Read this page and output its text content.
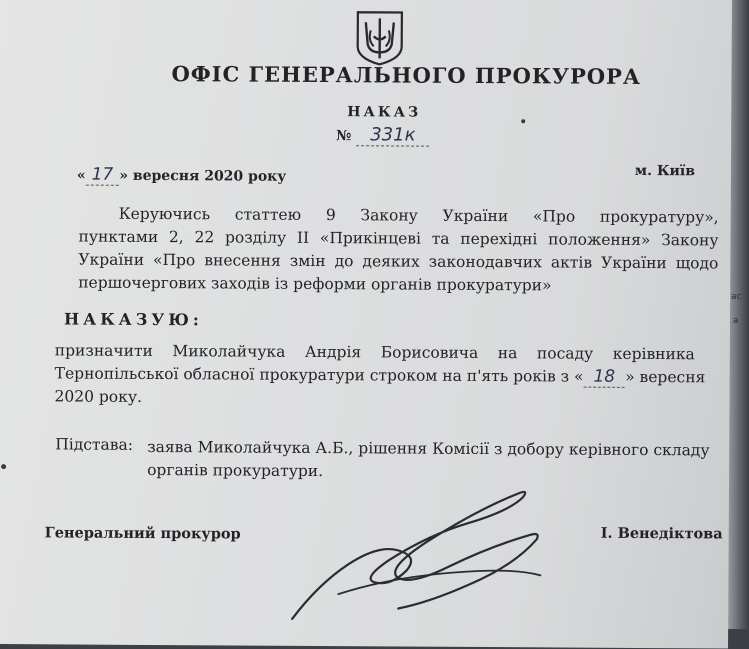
ac
а
ОФІС ГЕНЕРАЛЬНОГО ПРОКУРОРА
НАКАЗ
№ 331к
« 17 » вересня 2020 року	м. Київ
Керуючись статтею 9 Закону України «Про прокуратуру»,
пунктами 2, 22 розділу ІІ «Прикінцеві та перехідні положення» Закону
України «Про внесення змін до деяких законодавчих актів України щодо
першочергових заходів із реформи органів прокуратури»
НАКАЗУЮ:
призначити Миколайчука Андрія Борисовича на посаду керівника
Тернопільської обласної прокуратури строком на п'ять років з « 18 » вересня
2020 року.
Підстава: заява Миколайчука А.Б., рішення Комісії з добору керівного складу
органів прокуратури.
Генеральний прокурор	І. Венедіктова
